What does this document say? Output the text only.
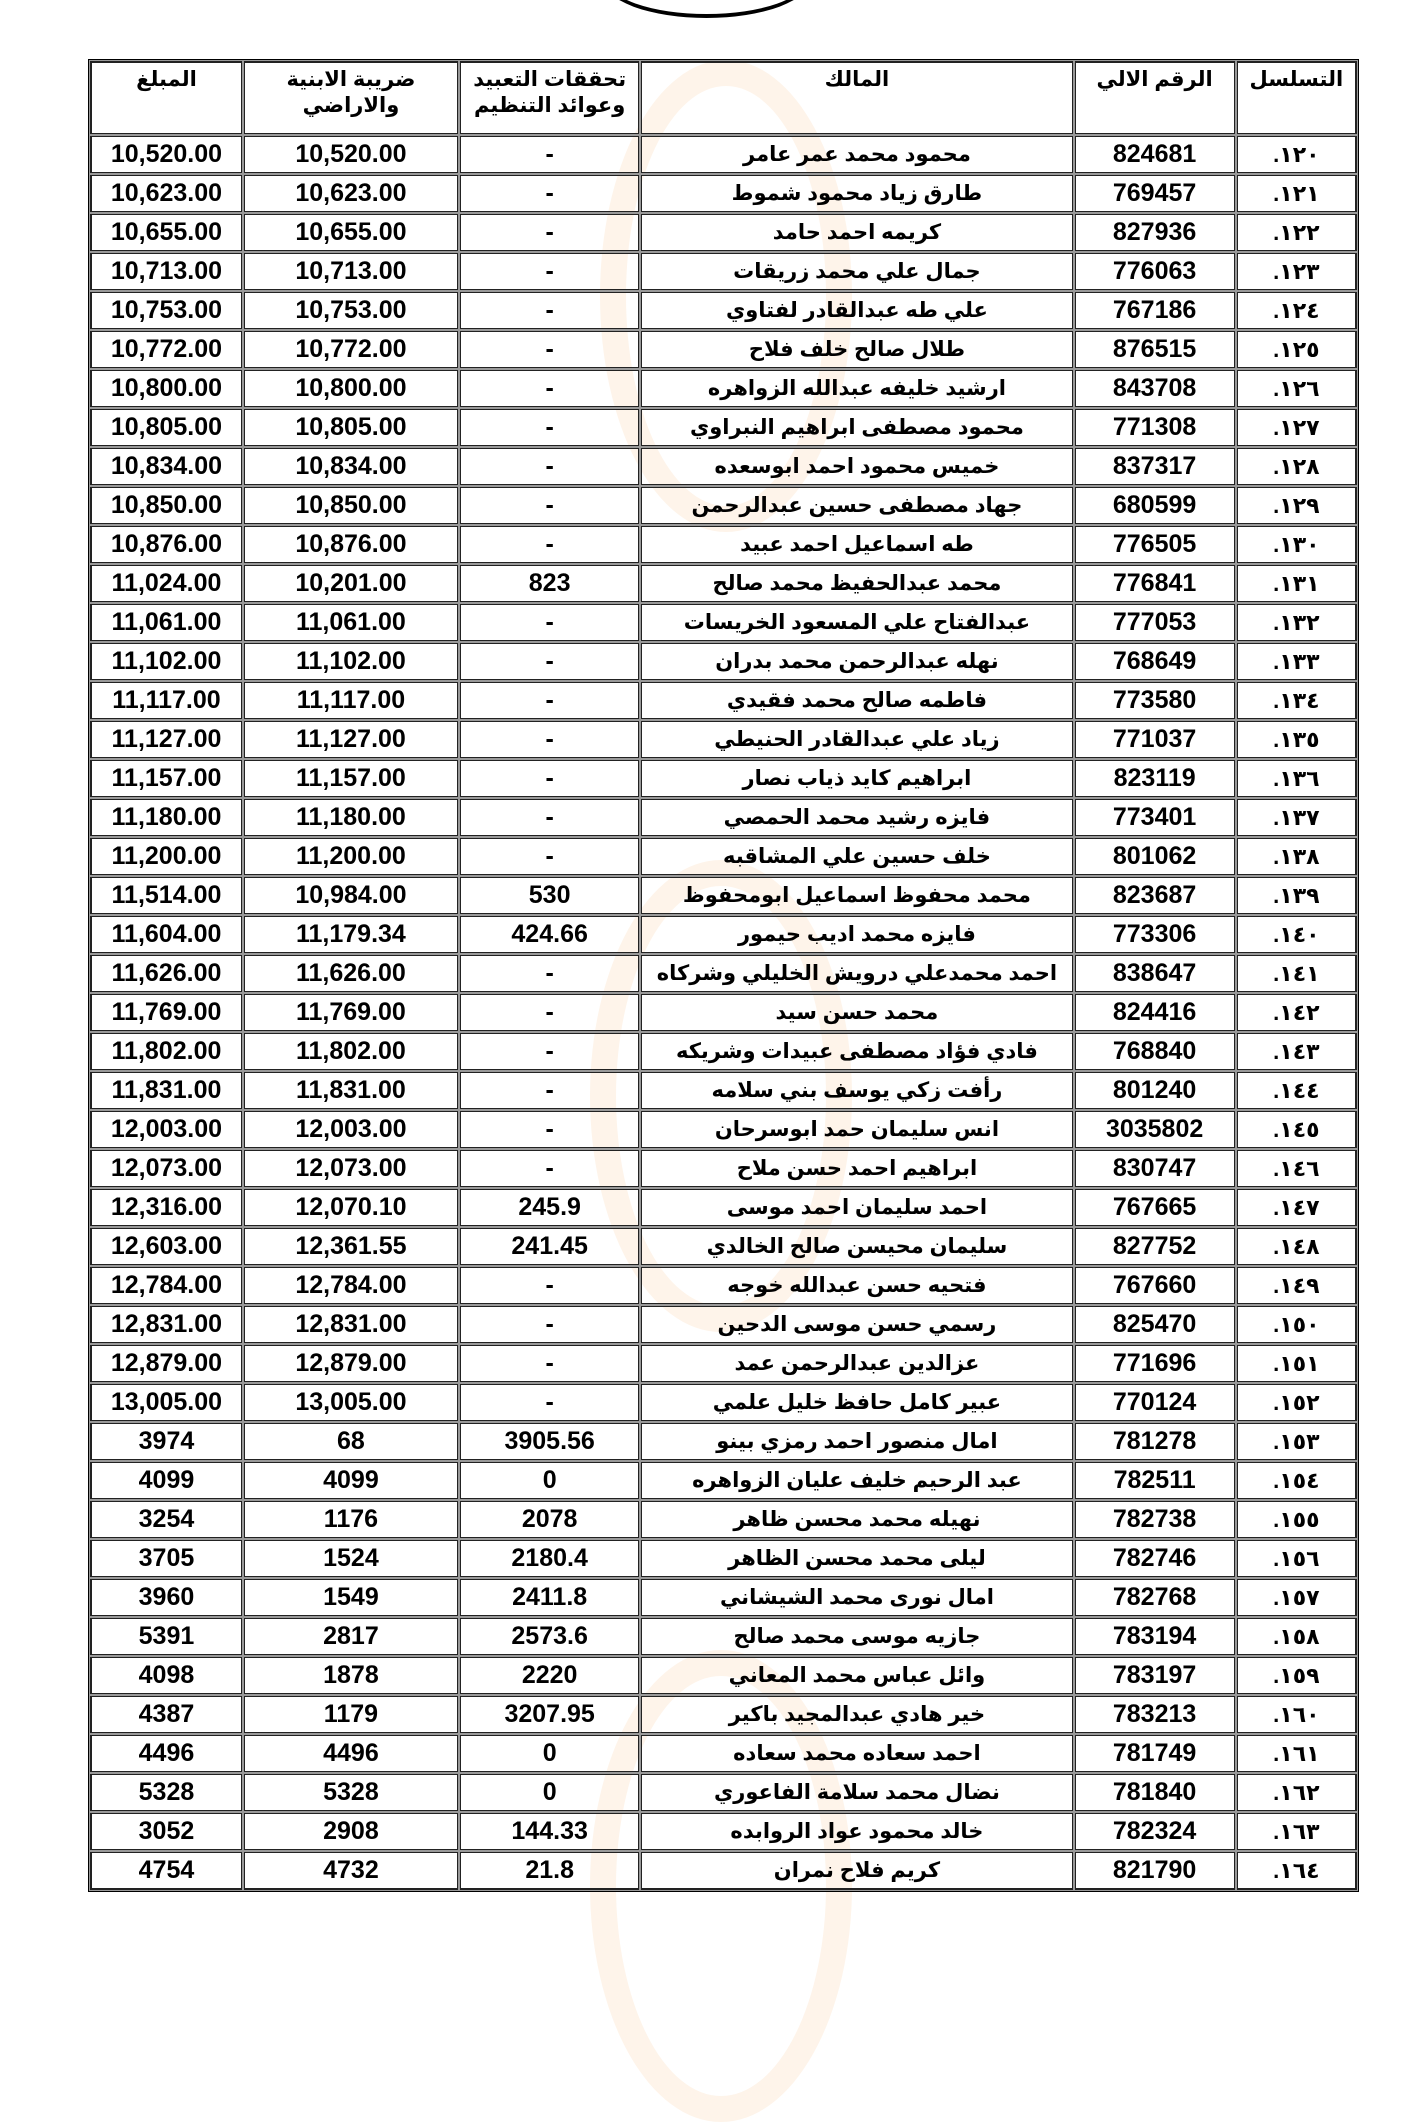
التسلسل	الرقم الالي	المالك	تحققات التعبيد وعوائد التنظيم	ضريبة الابنية والاراضي	المبلغ
.١٢٠	824681	محمود محمد عمر عامر	-	10,520.00	10,520.00
.١٢١	769457	طارق زياد محمود شموط	-	10,623.00	10,623.00
.١٢٢	827936	كريمه احمد حامد	-	10,655.00	10,655.00
.١٢٣	776063	جمال علي محمد زريقات	-	10,713.00	10,713.00
.١٢٤	767186	علي طه عبدالقادر لفتاوي	-	10,753.00	10,753.00
.١٢٥	876515	طلال صالح خلف فلاح	-	10,772.00	10,772.00
.١٢٦	843708	ارشيد خليفه عبدالله الزواهره	-	10,800.00	10,800.00
.١٢٧	771308	محمود مصطفى ابراهيم النبراوي	-	10,805.00	10,805.00
.١٢٨	837317	خميس محمود احمد ابوسعده	-	10,834.00	10,834.00
.١٢٩	680599	جهاد مصطفى حسين عبدالرحمن	-	10,850.00	10,850.00
.١٣٠	776505	طه اسماعيل احمد عبيد	-	10,876.00	10,876.00
.١٣١	776841	محمد عبدالحفيظ محمد صالح	823	10,201.00	11,024.00
.١٣٢	777053	عبدالفتاح علي المسعود الخريسات	-	11,061.00	11,061.00
.١٣٣	768649	نهله عبدالرحمن محمد بدران	-	11,102.00	11,102.00
.١٣٤	773580	فاطمه صالح محمد فقيدي	-	11,117.00	11,117.00
.١٣٥	771037	زياد علي عبدالقادر الحنيطي	-	11,127.00	11,127.00
.١٣٦	823119	ابراهيم كايد ذياب نصار	-	11,157.00	11,157.00
.١٣٧	773401	فايزه رشيد محمد الحمصي	-	11,180.00	11,180.00
.١٣٨	801062	خلف حسين علي المشاقبه	-	11,200.00	11,200.00
.١٣٩	823687	محمد محفوظ اسماعيل ابومحفوظ	530	10,984.00	11,514.00
.١٤٠	773306	فايزه محمد اديب حيمور	424.66	11,179.34	11,604.00
.١٤١	838647	احمد محمدعلي درويش الخليلي وشركاه	-	11,626.00	11,626.00
.١٤٢	824416	محمد حسن سيد	-	11,769.00	11,769.00
.١٤٣	768840	فادي فؤاد مصطفى عبيدات وشريكه	-	11,802.00	11,802.00
.١٤٤	801240	رأفت زكي يوسف بني سلامه	-	11,831.00	11,831.00
.١٤٥	3035802	انس سليمان حمد ابوسرحان	-	12,003.00	12,003.00
.١٤٦	830747	ابراهيم احمد حسن ملاح	-	12,073.00	12,073.00
.١٤٧	767665	احمد سليمان احمد موسى	245.9	12,070.10	12,316.00
.١٤٨	827752	سليمان محيسن صالح الخالدي	241.45	12,361.55	12,603.00
.١٤٩	767660	فتحيه حسن عبدالله خوجه	-	12,784.00	12,784.00
.١٥٠	825470	رسمي حسن موسى الدحين	-	12,831.00	12,831.00
.١٥١	771696	عزالدين عبدالرحمن عمد	-	12,879.00	12,879.00
.١٥٢	770124	عبير كامل حافظ خليل علمي	-	13,005.00	13,005.00
.١٥٣	781278	امال منصور احمد رمزي بينو	3905.56	68	3974
.١٥٤	782511	عبد الرحيم خليف عليان الزواهره	0	4099	4099
.١٥٥	782738	نهيله محمد محسن ظاهر	2078	1176	3254
.١٥٦	782746	ليلى محمد محسن الظاهر	2180.4	1524	3705
.١٥٧	782768	امال نورى محمد الشيشاني	2411.8	1549	3960
.١٥٨	783194	جازيه موسى محمد صالح	2573.6	2817	5391
.١٥٩	783197	وائل عباس محمد المعاني	2220	1878	4098
.١٦٠	783213	خير هادي عبدالمجيد باكير	3207.95	1179	4387
.١٦١	781749	احمد سعاده محمد سعاده	0	4496	4496
.١٦٢	781840	نضال محمد سلامة الفاعوري	0	5328	5328
.١٦٣	782324	خالد محمود عواد الروابده	144.33	2908	3052
.١٦٤	821790	كريم فلاح نمران	21.8	4732	4754
